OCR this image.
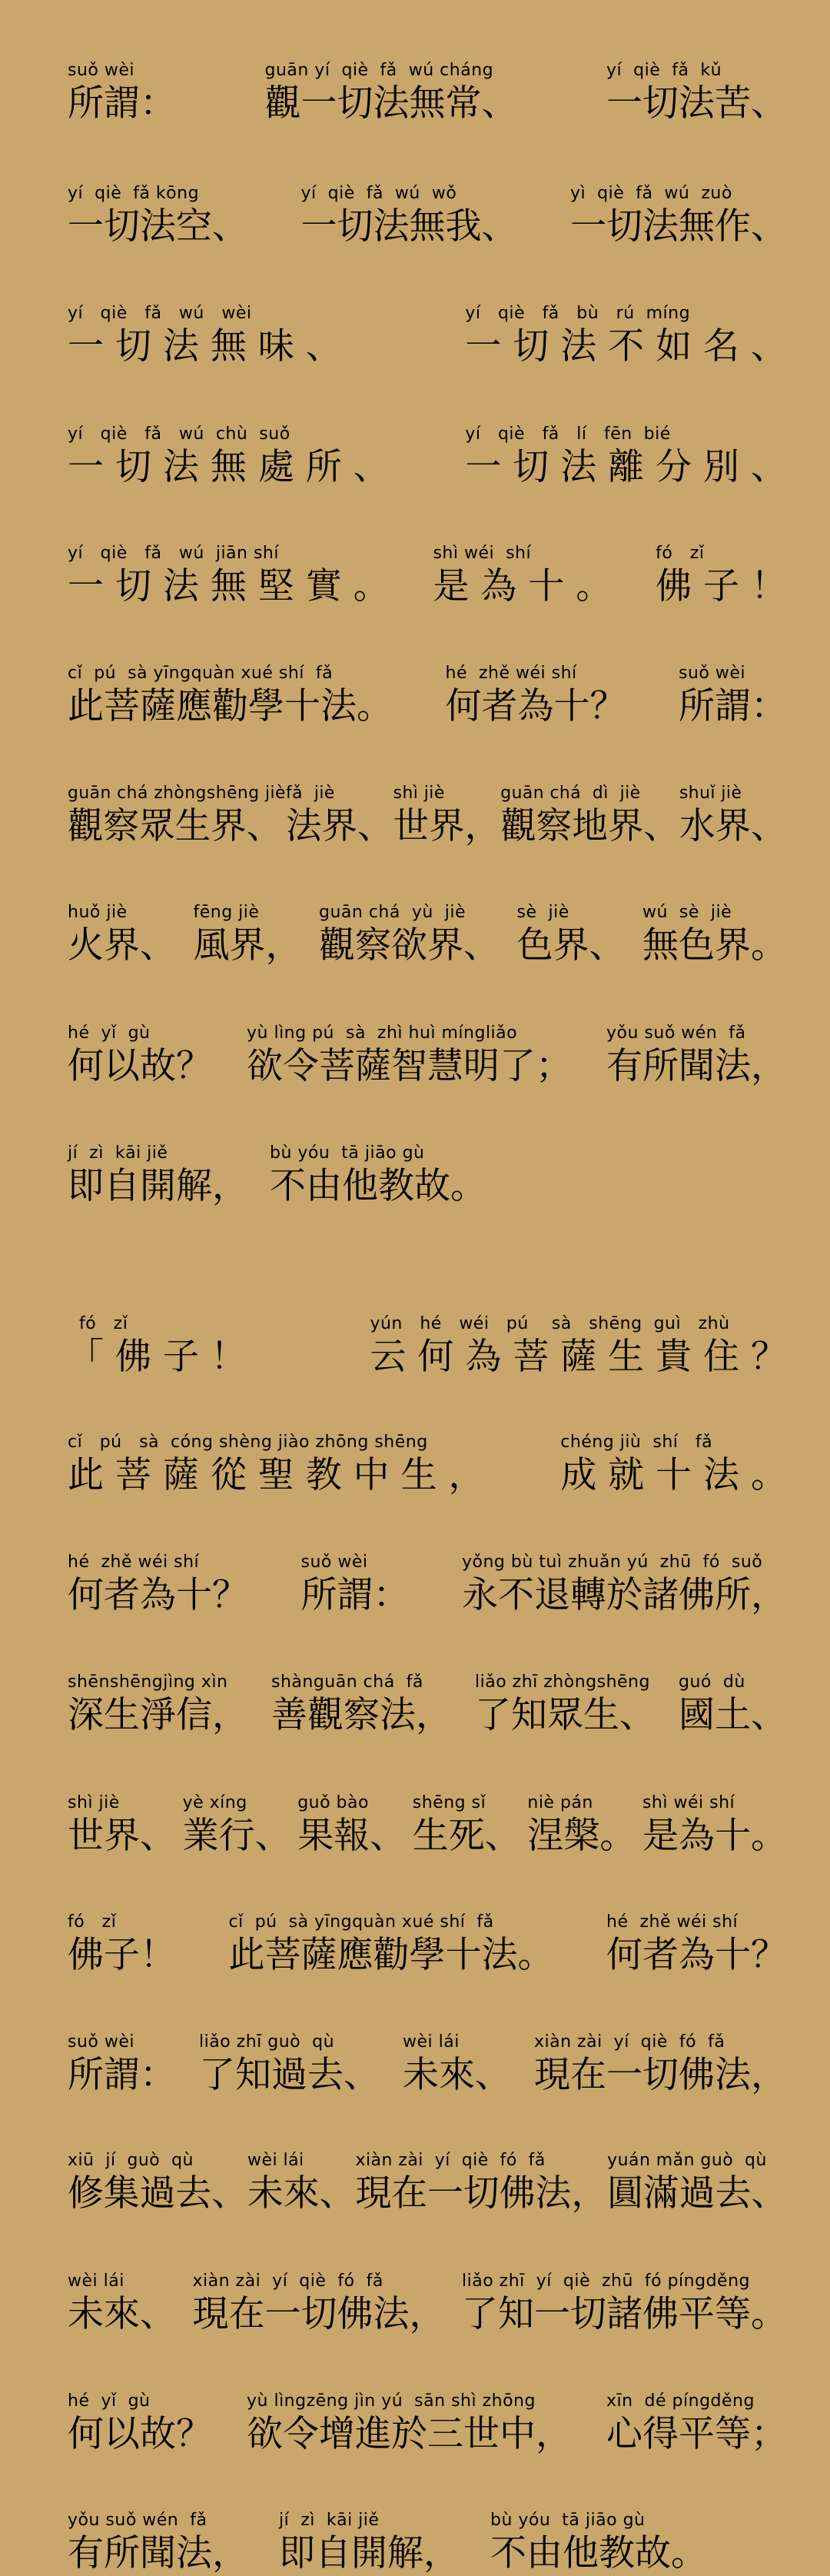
suǒ wèi
所謂：
guān yí  qiè  fǎ  wú cháng
觀一切法無常、
yí  qiè  fǎ  kǔ
一切法苦、
yí  qiè  fǎ kōng
一切法空、
yí  qiè  fǎ  wú  wǒ
一切法無我、
yì  qiè  fǎ  wú  zuò
一切法無作、
yí   qiè   fǎ   wú   wèi
一 切 法 無 味 、
yí   qiè   fǎ   bù   rú  míng
一 切 法 不 如 名 、
yí   qiè   fǎ   wú  chù  suǒ
一 切 法 無 處 所 、
yí   qiè   fǎ   lí   fēn  bié
一 切 法 離 分 別 、
yí   qiè   fǎ   wú  jiān shí
一 切 法 無 堅 實 。
shì wéi  shí
是 為 十 。
fó   zǐ
佛 子 ！
cǐ  pú  sà yīngquàn xué shí  fǎ
此菩薩應勸學十法。
hé  zhě wéi shí
何者為十？
suǒ wèi
所謂：
guān chá zhòngshēng jiè
觀察眾生界、
fǎ  jiè
法界、
shì jiè
世界，
guān chá  dì  jiè
觀察地界、
shuǐ jiè
水界、
huǒ jiè
火界、
fēng jiè
風界，
guān chá  yù  jiè
觀察欲界、
sè  jiè
色界、
wú  sè  jiè
無色界。
hé  yǐ  gù
何以故？
yù lìng pú  sà  zhì huì míngliǎo
欲令菩薩智慧明了；
yǒu suǒ wén  fǎ
有所聞法，
jí  zì  kāi jiě
即自開解，
bù yóu  tā jiāo gù
不由他教故。
fó   zǐ
「 佛 子 ！
yún   hé   wéi   pú    sà   shēng  guì   zhù
云 何 為 菩 薩 生 貴 住 ？
cǐ   pú   sà  cóng shèng jiào zhōng shēng
此 菩 薩 從 聖 教 中 生 ，
chéng jiù  shí   fǎ
成 就 十 法 。
hé  zhě wéi shí
何者為十？
suǒ wèi
所謂：
yǒng bù tuì zhuǎn yú  zhū  fó  suǒ
永不退轉於諸佛所，
shēnshēngjìng xìn
深生淨信，
shànguān chá  fǎ
善觀察法，
liǎo zhī zhòngshēng
了知眾生、
guó  dù
國土、
shì jiè
世界、
yè xíng
業行、
guǒ bào
果報、
shēng sǐ
生死、
niè pán
涅槃。
shì wéi shí
是為十。
fó   zǐ
佛子！
cǐ  pú  sà yīngquàn xué shí  fǎ
此菩薩應勸學十法。
hé  zhě wéi shí
何者為十？
suǒ wèi
所謂：
liǎo zhī guò  qù
了知過去、
wèi lái
未來、
xiàn zài  yí  qiè  fó  fǎ
現在一切佛法，
xiū  jí  guò  qù
修集過去、
wèi lái
未來、
xiàn zài  yí  qiè  fó  fǎ
現在一切佛法，
yuán mǎn guò  qù
圓滿過去、
wèi lái
未來、
xiàn zài  yí  qiè  fó  fǎ
現在一切佛法，
liǎo zhī  yí  qiè  zhū  fó píngděng
了知一切諸佛平等。
hé  yǐ  gù
何以故？
yù lìngzēng jìn yú  sān shì zhōng
欲令增進於三世中，
xīn  dé píngděng
心得平等；
yǒu suǒ wén  fǎ
有所聞法，
jí  zì  kāi jiě
即自開解，
bù yóu  tā jiāo gù
不由他教故。
